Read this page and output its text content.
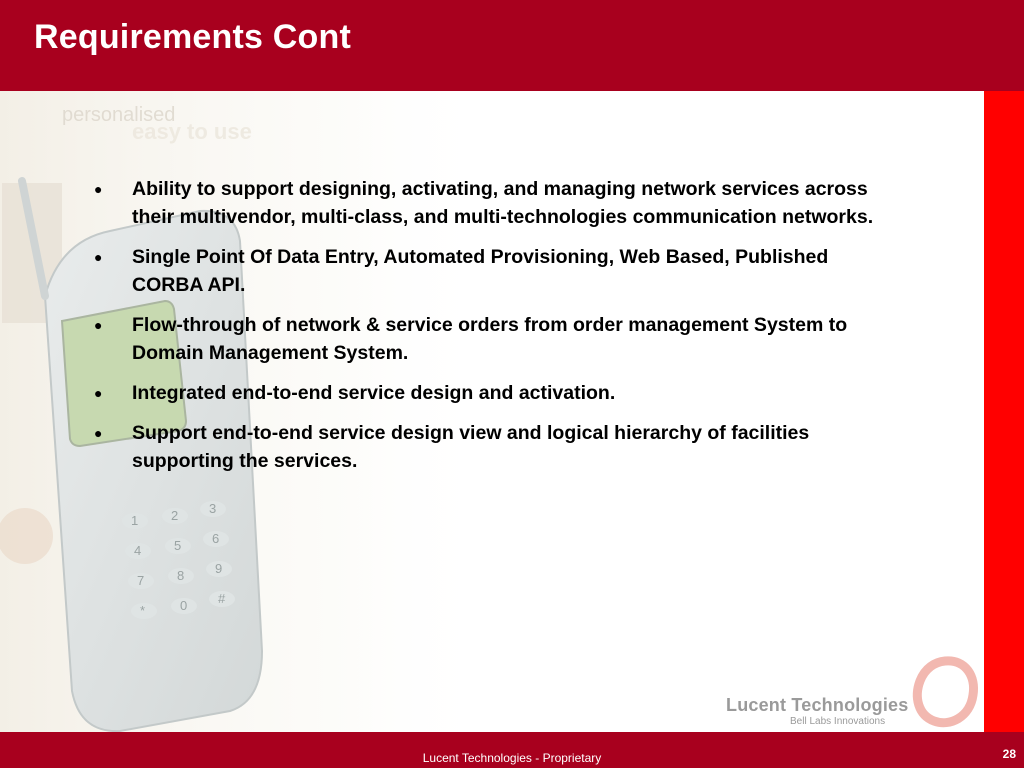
Requirements Cont
personalised
easy to use
1	2 3
4	5 6
7	8 9
*	0 #
● Ability to support designing, activating, and managing network services across their multivendor, multi-class, and multi-technologies communication networks.
● Single Point Of Data Entry, Automated Provisioning, Web Based, Published CORBA API.
● Flow-through of network & service orders from order management System to Domain Management System.
● Integrated end-to-end service design and activation.
● Support end-to-end service design view and logical hierarchy of facilities supporting the services.
Lucent Technologies
Bell Labs Innovations
Lucent Technologies - Proprietary	28
